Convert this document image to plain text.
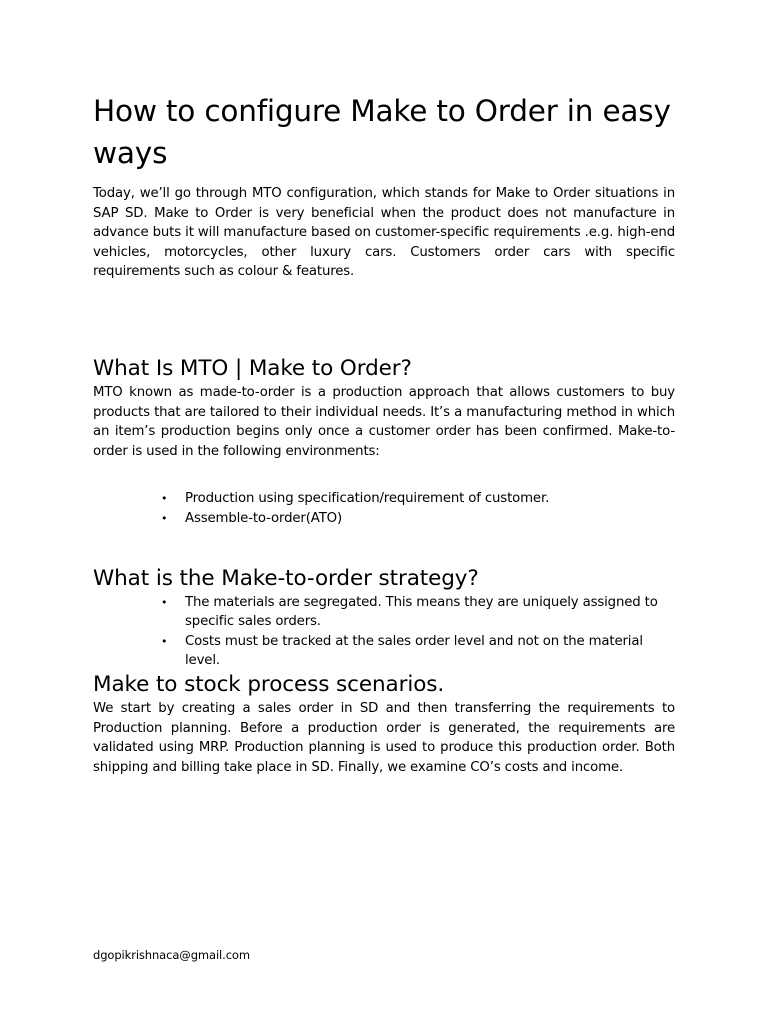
How to configure Make to Order in easy ways

Today, we’ll go through MTO configuration, which stands for Make to Order situations in SAP SD. Make to Order is very beneficial when the product does not manufacture in advance buts it will manufacture based on customer-specific requirements .e.g. high-end vehicles, motorcycles, other luxury cars. Customers order cars with specific requirements such as colour & features.

What Is MTO | Make to Order?

MTO known as made-to-order is a production approach that allows customers to buy products that are tailored to their individual needs. It’s a manufacturing method in which an item’s production begins only once a customer order has been confirmed. Make-to-order is used in the following environments:

• Production using specification/requirement of customer.
• Assemble-to-order(ATO)
What is the Make-to-order strategy?
• The materials are segregated. This means they are uniquely assigned to specific sales orders.
• Costs must be tracked at the sales order level and not on the material level.
Make to stock process scenarios.

We start by creating a sales order in SD and then transferring the requirements to Production planning. Before a production order is generated, the requirements are validated using MRP. Production planning is used to produce this production order. Both shipping and billing take place in SD. Finally, we examine CO’s costs and income.

dgopikrishnaca@gmail.com
